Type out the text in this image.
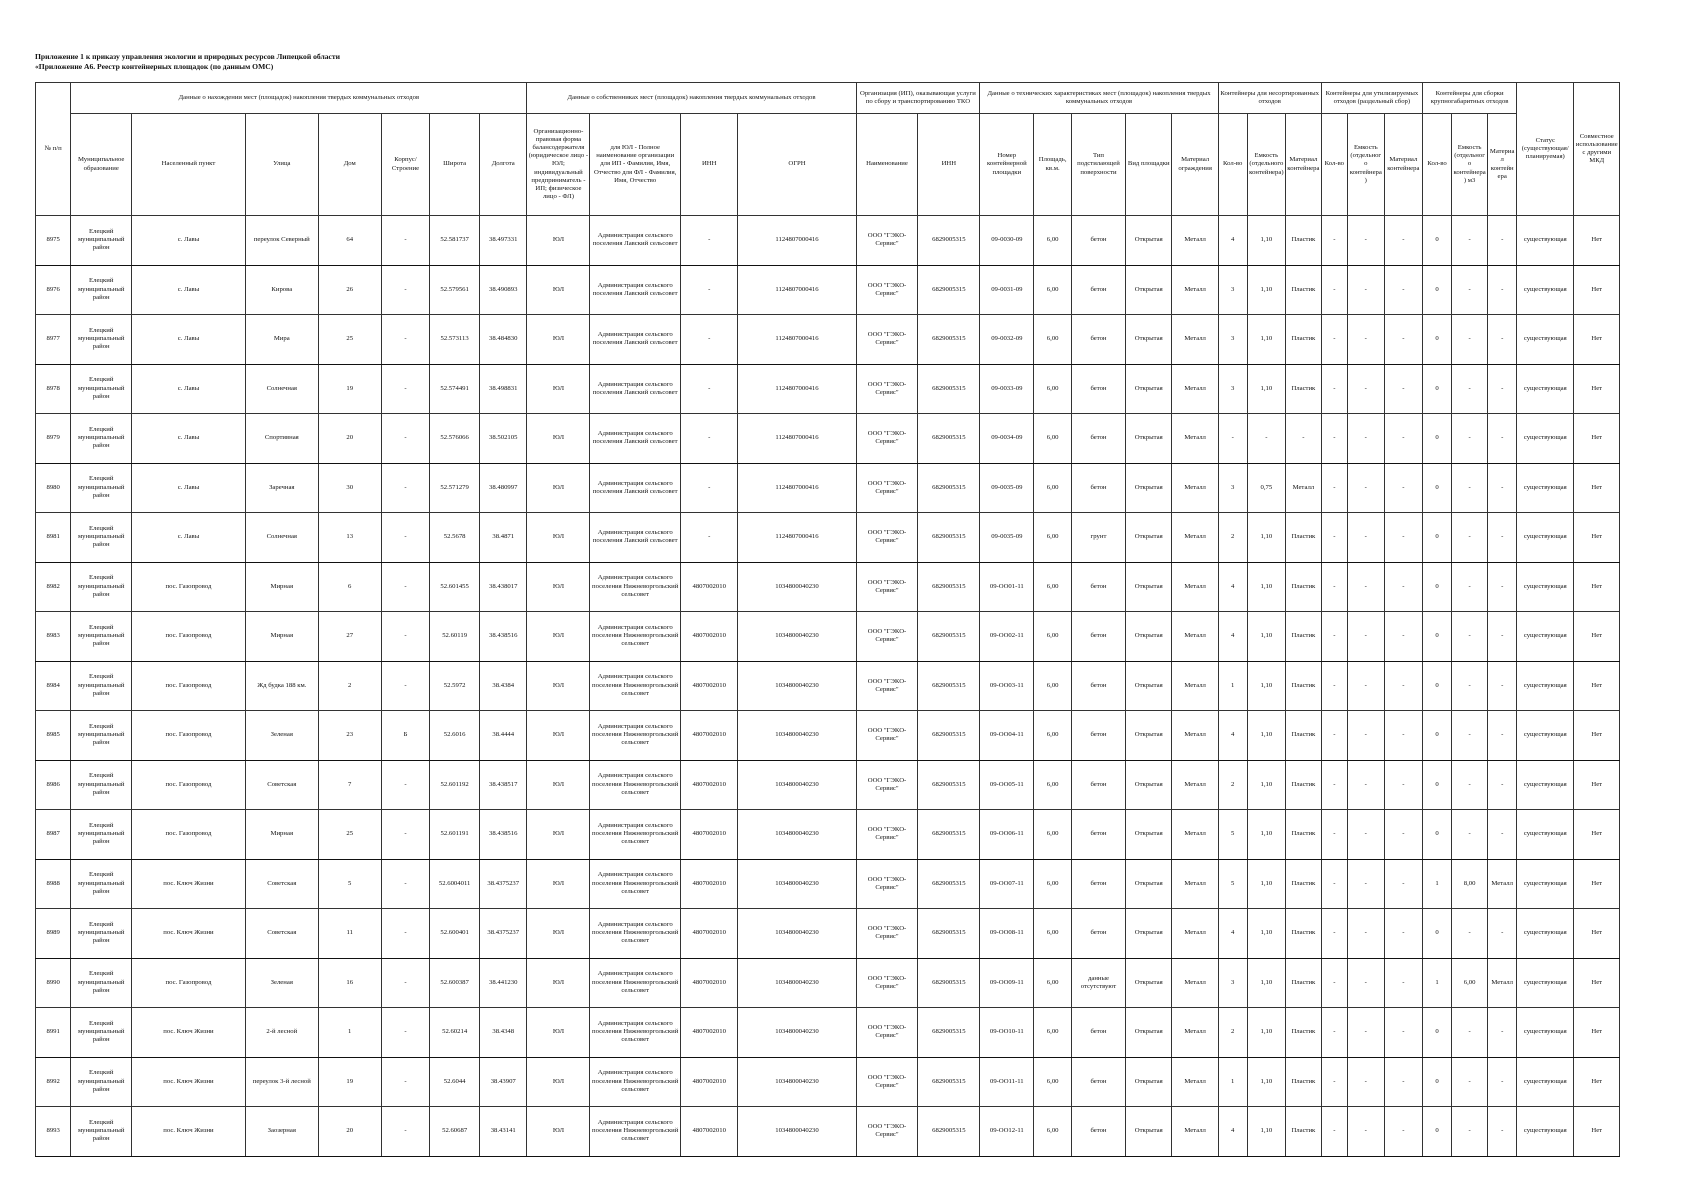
Приложение 1 к приказу управления экологии и природных ресурсов Липецкой области
«Приложение А6. Реестр контейнерных площадок (по данным ОМС)
№ п/п	Данные о нахождении мест (площадок) накопления твердых коммунальных отходов							Данные о собственниках мест (площадок) накопления твердых коммунальных отходов				Организация (ИП), оказывающая услуги по сбору и транспортированию ТКО		Данные о технических характеристиках мест (площадок) накопления твердых коммунальных отходов					Контейнеры для несортированных отходов			Контейнеры для утилизируемых отходов (раздельный сбор)			Контейнеры для сборки крупногабаритных отходов			Статус (существующая/планируемая)	Совместное использование с другими МКД
	Муниципальное образование	Населенный пункт	Улица	Дом	Корпус/Строение	Широта	Долгота	Организационно-правовая форма балансодержателя (юридическое лицо - ЮЛ; индивидуальный предприниматель - ИП; физическое лицо - ФЛ)	для ЮЛ - Полное наименование организации для ИП - Фамилия, Имя, Отчество для ФЛ - Фамилия, Имя, Отчество	ИНН	ОГРН	Наименование	ИНН	Номер контейнерной площадки	Площадь, кв.м.	Тип подстилающей поверхности	Вид площадки	Материал ограждения	Кол-во	Емкость (отдельного контейнера)	Материал контейнера	Кол-во	Емкость (отдельного контейнера)	Материал контейнера	Кол-во	Емкость (отдельного контейнера) м3	Материал контейнера		
8975	Елецкий муниципальный район	с. Лавы	переулок Северный	64	-	52.581737	38.497331	ЮЛ	Администрация сельского поселения Лавский сельсовет	-	1124807000416	ООО "ГЭКО-Сервис"	6829005315	09-0030-09	6,00	бетон	Открытая	Металл	4	1,10	Пластик	-	-	-	0	-	-	существующая	Нет
8976	Елецкий муниципальный район	с. Лавы	Кирова	26	-	52.579561	38.490893	ЮЛ	Администрация сельского поселения Лавский сельсовет	-	1124807000416	ООО "ГЭКО-Сервис"	6829005315	09-0031-09	6,00	бетон	Открытая	Металл	3	1,10	Пластик	-	-	-	0	-	-	существующая	Нет
8977	Елецкий муниципальный район	с. Лавы	Мира	25	-	52.573113	38.484830	ЮЛ	Администрация сельского поселения Лавский сельсовет	-	1124807000416	ООО "ГЭКО-Сервис"	6829005315	09-0032-09	6,00	бетон	Открытая	Металл	3	1,10	Пластик	-	-	-	0	-	-	существующая	Нет
8978	Елецкий муниципальный район	с. Лавы	Солнечная	19	-	52.574491	38.498831	ЮЛ	Администрация сельского поселения Лавский сельсовет	-	1124807000416	ООО "ГЭКО-Сервис"	6829005315	09-0033-09	6,00	бетон	Открытая	Металл	3	1,10	Пластик	-	-	-	0	-	-	существующая	Нет
8979	Елецкий муниципальный район	с. Лавы	Спортивная	20	-	52.576066	38.502105	ЮЛ	Администрация сельского поселения Лавский сельсовет	-	1124807000416	ООО "ГЭКО-Сервис"	6829005315	09-0034-09	6,00	бетон	Открытая	Металл	-	-	-	-	-	-	0	-	-	существующая	Нет
8980	Елецкий муниципальный район	с. Лавы	Заречная	30	-	52.571279	38.480997	ЮЛ	Администрация сельского поселения Лавский сельсовет	-	1124807000416	ООО "ГЭКО-Сервис"	6829005315	09-0035-09	6,00	бетон	Открытая	Металл	3	0,75	Металл	-	-	-	0	-	-	существующая	Нет
8981	Елецкий муниципальный район	с. Лавы	Солнечная	13	-	52.5678	38.4871	ЮЛ	Администрация сельского поселения Лавский сельсовет	-	1124807000416	ООО "ГЭКО-Сервис"	6829005315	09-0035-09	6,00	грунт	Открытая	Металл	2	1,10	Пластик	-	-	-	0	-	-	существующая	Нет
8982	Елецкий муниципальный район	пос. Газопровод	Мирная	6	-	52.601455	38.438017	ЮЛ	Администрация сельского поселения Нижневоргольский сельсовет	4807002010	1034800040230	ООО "ГЭКО-Сервис"	6829005315	09-ОО01-11	6,00	бетон	Открытая	Металл	4	1,10	Пластик	-	-	-	0	-	-	существующая	Нет
8983	Елецкий муниципальный район	пос. Газопровод	Мирная	27	-	52.60119	38.438516	ЮЛ	Администрация сельского поселения Нижневоргольский сельсовет	4807002010	1034800040230	ООО "ГЭКО-Сервис"	6829005315	09-ОО02-11	6,00	бетон	Открытая	Металл	4	1,10	Пластик	-	-	-	0	-	-	существующая	Нет
8984	Елецкий муниципальный район	пос. Газопровод	Жд будка 188 км.	2	-	52.5972	38.4384	ЮЛ	Администрация сельского поселения Нижневоргольский сельсовет	4807002010	1034800040230	ООО "ГЭКО-Сервис"	6829005315	09-ОО03-11	6,00	бетон	Открытая	Металл	1	1,10	Пластик	-	-	-	0	-	-	существующая	Нет
8985	Елецкий муниципальный район	пос. Газопровод	Зеленая	23	Б	52.6016	38.4444	ЮЛ	Администрация сельского поселения Нижневоргольский сельсовет	4807002010	1034800040230	ООО "ГЭКО-Сервис"	6829005315	09-ОО04-11	6,00	бетон	Открытая	Металл	4	1,10	Пластик	-	-	-	0	-	-	существующая	Нет
8986	Елецкий муниципальный район	пос. Газопровод	Советская	7	-	52.601192	38.438517	ЮЛ	Администрация сельского поселения Нижневоргольский сельсовет	4807002010	1034800040230	ООО "ГЭКО-Сервис"	6829005315	09-ОО05-11	6,00	бетон	Открытая	Металл	2	1,10	Пластик	-	-	-	0	-	-	существующая	Нет
8987	Елецкий муниципальный район	пос. Газопровод	Мирная	25	-	52.601191	38.438516	ЮЛ	Администрация сельского поселения Нижневоргольский сельсовет	4807002010	1034800040230	ООО "ГЭКО-Сервис"	6829005315	09-ОО06-11	6,00	бетон	Открытая	Металл	5	1,10	Пластик	-	-	-	0	-	-	существующая	Нет
8988	Елецкий муниципальный район	пос. Ключ Жизни	Советская	5	-	52.6004011	38.4375237	ЮЛ	Администрация сельского поселения Нижневоргольский сельсовет	4807002010	1034800040230	ООО "ГЭКО-Сервис"	6829005315	09-ОО07-11	6,00	бетон	Открытая	Металл	5	1,10	Пластик	-	-	-	1	8,00	Металл	существующая	Нет
8989	Елецкий муниципальный район	пос. Ключ Жизни	Советская	11	-	52.600401	38.4375237	ЮЛ	Администрация сельского поселения Нижневоргольский сельсовет	4807002010	1034800040230	ООО "ГЭКО-Сервис"	6829005315	09-ОО08-11	6,00	бетон	Открытая	Металл	4	1,10	Пластик	-	-	-	0	-	-	существующая	Нет
8990	Елецкий муниципальный район	пос. Газопровод	Зеленая	16	-	52.600387	38.441230	ЮЛ	Администрация сельского поселения Нижневоргольский сельсовет	4807002010	1034800040230	ООО "ГЭКО-Сервис"	6829005315	09-ОО09-11	6,00	данные отсутствуют	Открытая	Металл	3	1,10	Пластик	-	-	-	1	6,00	Металл	существующая	Нет
8991	Елецкий муниципальный район	пос. Ключ Жизни	2-й лесной	1	-	52.60214	38.4348	ЮЛ	Администрация сельского поселения Нижневоргольский сельсовет	4807002010	1034800040230	ООО "ГЭКО-Сервис"	6829005315	09-ОО10-11	6,00	бетон	Открытая	Металл	2	1,10	Пластик	-	-	-	0	-	-	существующая	Нет
8992	Елецкий муниципальный район	пос. Ключ Жизни	переулок 3-й лесной	19	-	52.6044	38.43907	ЮЛ	Администрация сельского поселения Нижневоргольский сельсовет	4807002010	1034800040230	ООО "ГЭКО-Сервис"	6829005315	09-ОО11-11	6,00	бетон	Открытая	Металл	1	1,10	Пластик	-	-	-	0	-	-	существующая	Нет
8993	Елецкий муниципальный район	пос. Ключ Жизни	Заозерная	20	-	52.60687	38.43141	ЮЛ	Администрация сельского поселения Нижневоргольский сельсовет	4807002010	1034800040230	ООО "ГЭКО-Сервис"	6829005315	09-ОО12-11	6,00	бетон	Открытая	Металл	4	1,10	Пластик	-	-	-	0	-	-	существующая	Нет
